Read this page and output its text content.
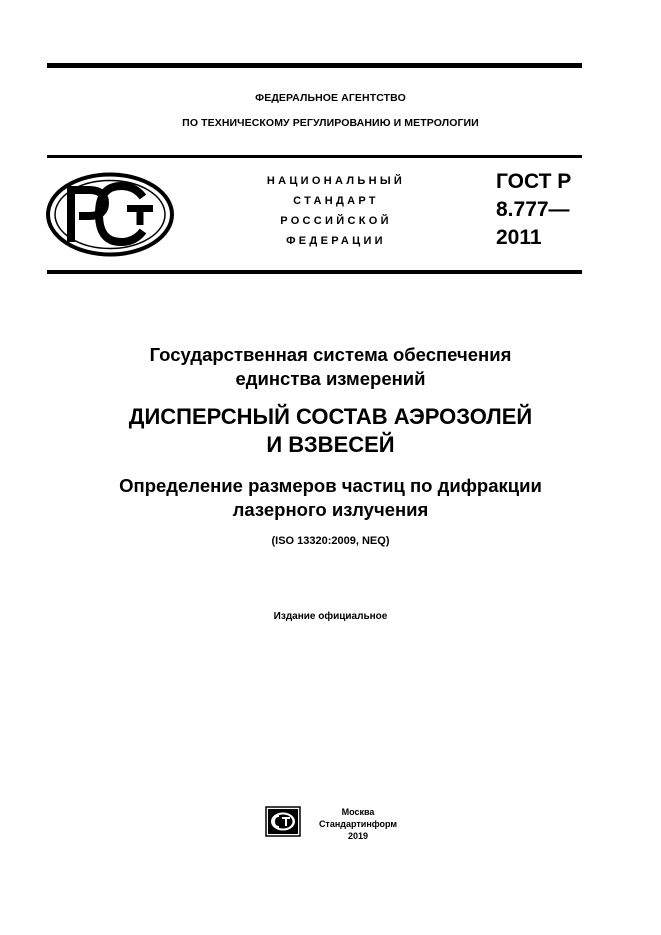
ФЕДЕРАЛЬНОЕ АГЕНТСТВО
ПО ТЕХНИЧЕСКОМУ РЕГУЛИРОВАНИЮ И МЕТРОЛОГИИ
НАЦИОНАЛЬНЫЙ
СТАНДАРТ
РОССИЙСКОЙ
ФЕДЕРАЦИИ
ГОСТ Р
8.777—
2011
Государственная система обеспечения
единства измерений
ДИСПЕРСНЫЙ СОСТАВ АЭРОЗОЛЕЙ
И ВЗВЕСЕЙ
Определение размеров частиц по дифракции
лазерного излучения
(ISO 13320:2009, NEQ)
Издание официальное
Москва
Стандартинформ
2019
